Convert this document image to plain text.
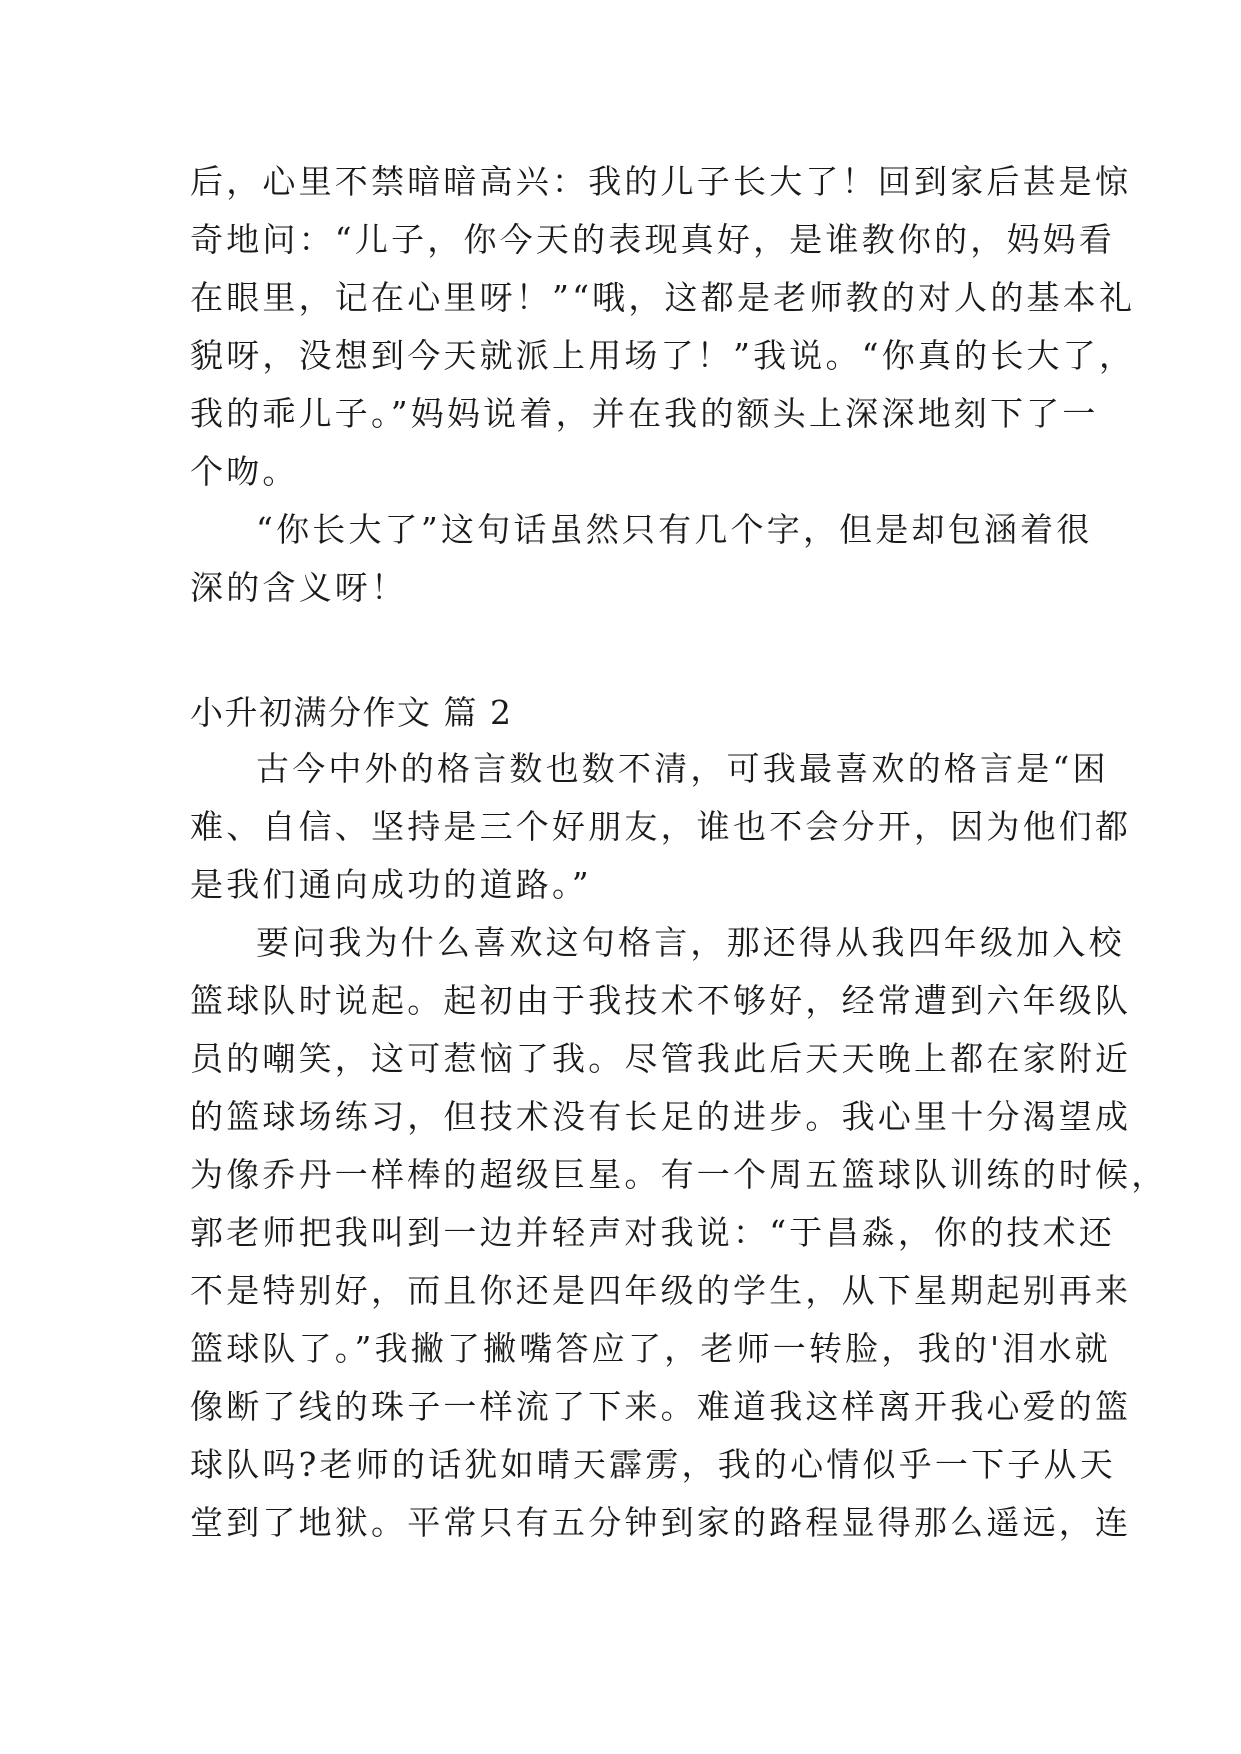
后，心里不禁暗暗高兴：我的儿子长大了！回到家后甚是惊
奇地问：“儿子，你今天的表现真好，是谁教你的，妈妈看
在眼里，记在心里呀！”“哦，这都是老师教的对人的基本礼
貌呀，没想到今天就派上用场了！”我说。“你真的长大了，
我的乖儿子。”妈妈说着，并在我的额头上深深地刻下了一
个吻。
“你长大了”这句话虽然只有几个字，但是却包涵着很
深的含义呀！
小升初满分作文 篇 2
古今中外的格言数也数不清，可我最喜欢的格言是“困
难、自信、坚持是三个好朋友，谁也不会分开，因为他们都
是我们通向成功的道路。”
要问我为什么喜欢这句格言，那还得从我四年级加入校
篮球队时说起。起初由于我技术不够好，经常遭到六年级队
员的嘲笑，这可惹恼了我。尽管我此后天天晚上都在家附近
的篮球场练习，但技术没有长足的进步。我心里十分渴望成
为像乔丹一样棒的超级巨星。有一个周五篮球队训练的时候，
郭老师把我叫到一边并轻声对我说：“于昌淼，你的技术还
不是特别好，而且你还是四年级的学生，从下星期起别再来
篮球队了。”我撇了撇嘴答应了，老师一转脸，我的'泪水就
像断了线的珠子一样流了下来。难道我这样离开我心爱的篮
球队吗?老师的话犹如晴天霹雳，我的心情似乎一下子从天
堂到了地狱。平常只有五分钟到家的路程显得那么遥远，连
